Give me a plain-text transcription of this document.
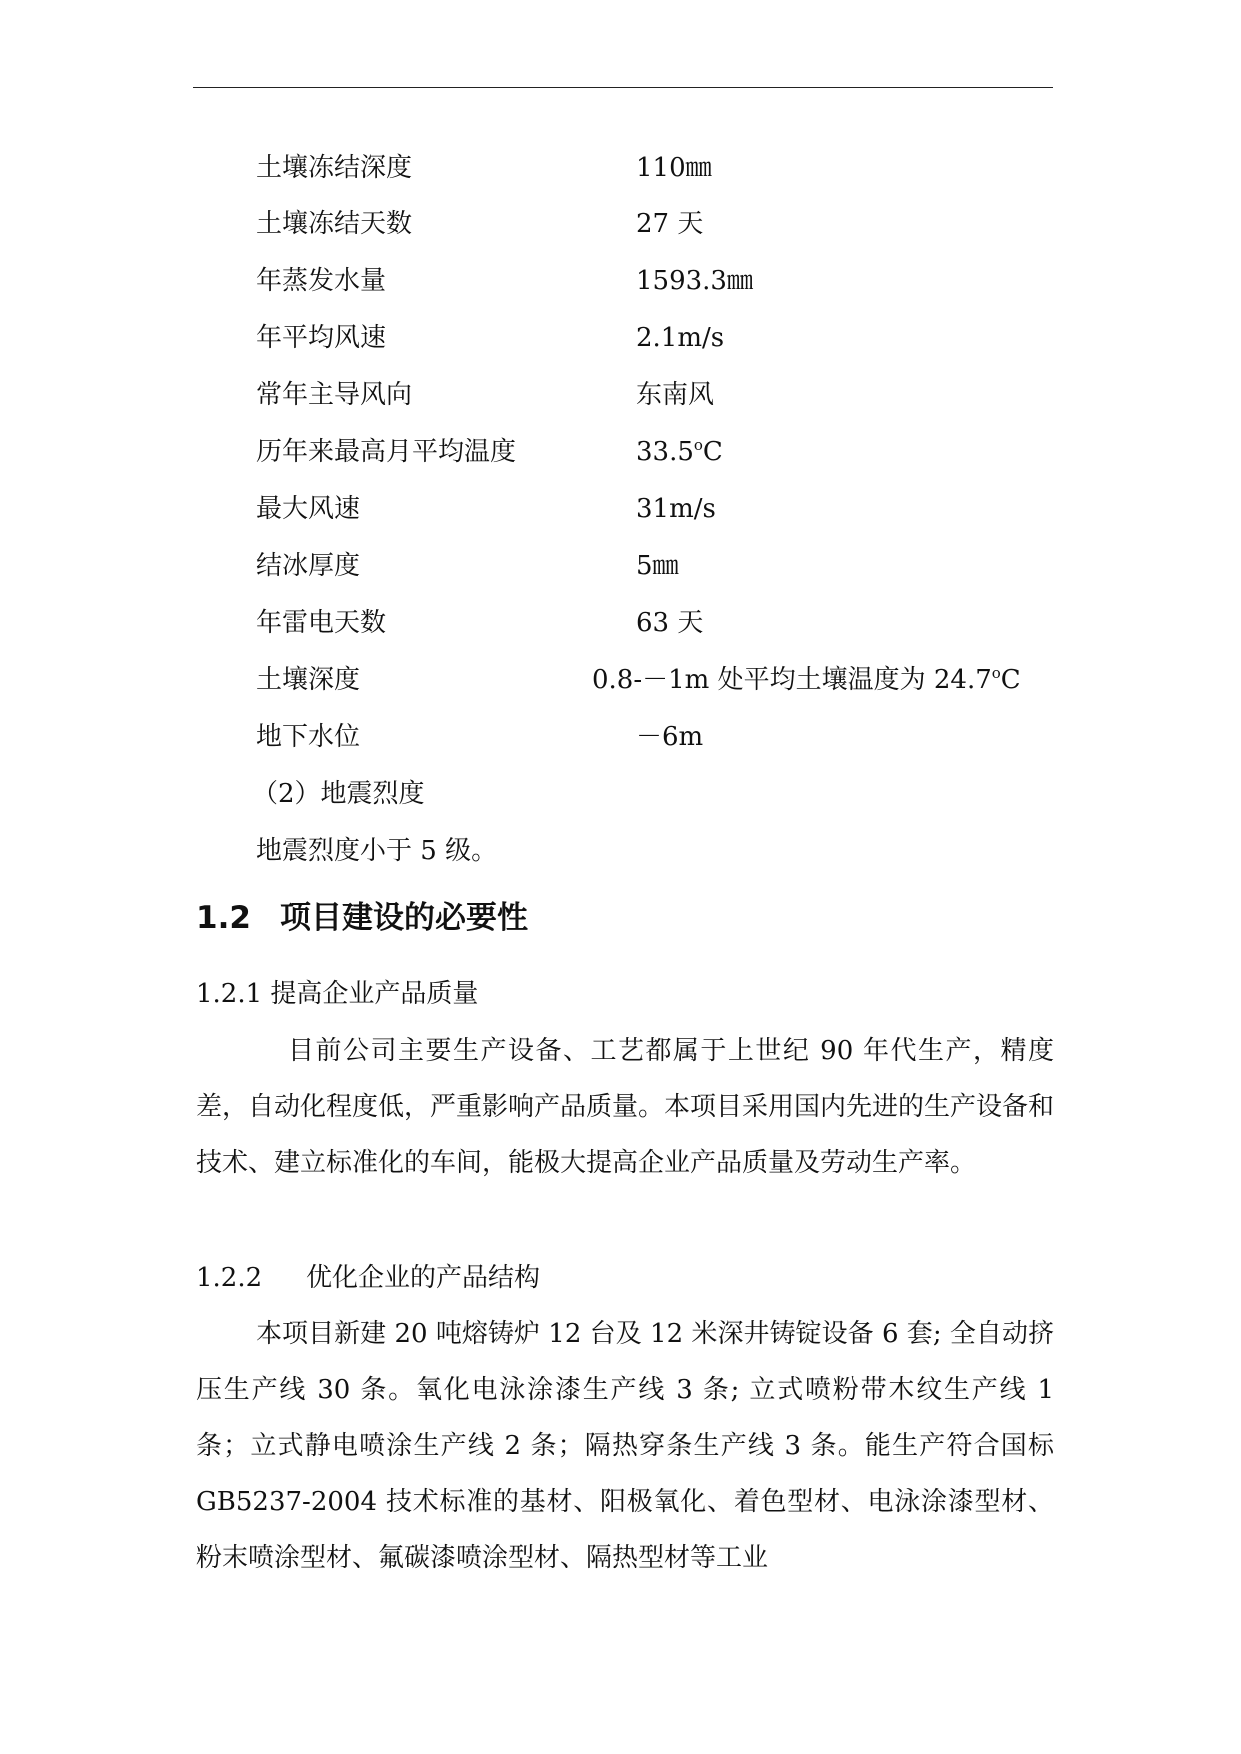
土壤冻结深度	110㎜
土壤冻结天数	27 天
年蒸发水量	1593.3㎜
年平均风速	2.1m/s
常年主导风向	东南风
历年来最高月平均温度	33.5$^o$C
最大风速	31m/s
结冰厚度	5㎜
年雷电天数	63 天
土壤深度	0.8-－1m 处平均土壤温度为 24.7$^o$C
地下水位	－6m
（2）地震烈度
地震烈度小于 5 级。
1.2 项目建设的必要性
1.2.1 提高企业产品质量

目前公司主要生产设备、工艺都属于上世纪 90 年代生产，精度差，自动化程度低，严重影响产品质量。本项目采用国内先进的生产设备和技术、建立标准化的车间，能极大提高企业产品质量及劳动生产率。

1.2.2 优化企业的产品结构

本项目新建 20 吨熔铸炉 12 台及 12 米深井铸锭设备 6 套; 全自动挤压生产线 30 条。氧化电泳涂漆生产线 3 条; 立式喷粉带木纹生产线 1 条；立式静电喷涂生产线 2 条；隔热穿条生产线 3 条。能生产符合国标 GB5237-2004 技术标准的基材、阳极氧化、着色型材、电泳涂漆型材、粉末喷涂型材、氟碳漆喷涂型材、隔热型材等工业
